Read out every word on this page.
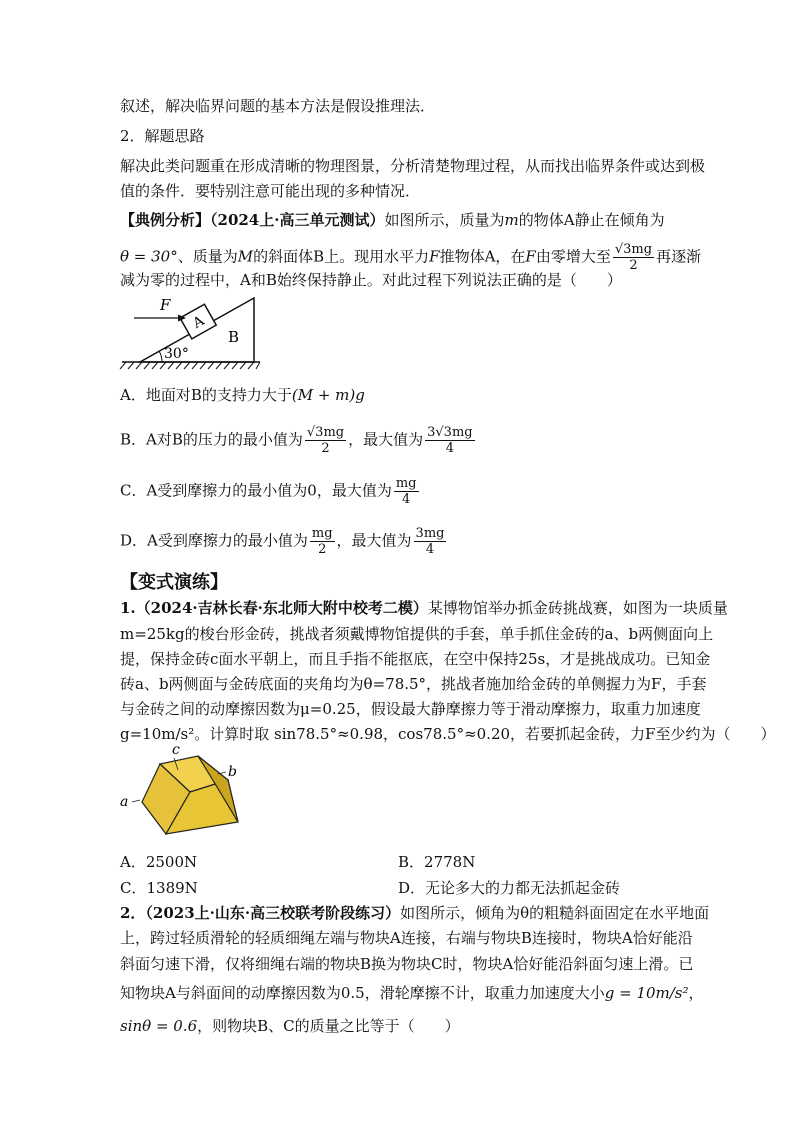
叙述，解决临界问题的基本方法是假设推理法．
2．解题思路
解决此类问题重在形成清晰的物理图景，分析清楚物理过程，从而找出临界条件或达到极
值的条件．要特别注意可能出现的多种情况．
【典例分析】（2024上·高三单元测试）如图所示，质量为m的物体A静止在倾角为
θ = 30°、质量为M的斜面体B上。现用水平力F推物体A，在F由零增大至 $\frac{√3mg}{2}$ 再逐渐
减为零的过程中，A和B始终保持静止。对此过程下列说法正确的是（　　）
30°
A
F
B
A．地面对B的支持力大于(M + m)g
B．A对B的压力的最小值为 $\frac{√3mg}{2}$ ，最大值为 $\frac{3√3mg}{4}$
C．A受到摩擦力的最小值为0，最大值为 $\frac{mg}{4}$
D．A受到摩擦力的最小值为 $\frac{mg}{2}$ ，最大值为 $\frac{3mg}{4}$
【变式演练】
1.（2024·吉林长春·东北师大附中校考二模）某博物馆举办抓金砖挑战赛，如图为一块质量
m=25kg的梭台形金砖，挑战者须戴博物馆提供的手套，单手抓住金砖的a、b两侧面向上
提，保持金砖c面水平朝上，而且手指不能抠底，在空中保持25s，才是挑战成功。已知金
砖a、b两侧面与金砖底面的夹角均为θ=78.5°，挑战者施加给金砖的单侧握力为F，手套
与金砖之间的动摩擦因数为μ=0.25，假设最大静摩擦力等于滑动摩擦力，取重力加速度
g=10m/s²。计算时取 sin78.5°≈0.98，cos78.5°≈0.20，若要抓起金砖，力F至少约为（　　）
c
b
a
A．2500N	B．2778N
C．1389N	D．无论多大的力都无法抓起金砖
2．（2023上·山东·高三校联考阶段练习）如图所示，倾角为θ的粗糙斜面固定在水平地面
上，跨过轻质滑轮的轻质细绳左端与物块A连接，右端与物块B连接时，物块A恰好能沿
斜面匀速下滑，仅将细绳右端的物块B换为物块C时，物块A恰好能沿斜面匀速上滑。已
知物块A与斜面间的动摩擦因数为0.5，滑轮摩擦不计，取重力加速度大小g = 10m/s²，
sinθ = 0.6，则物块B、C的质量之比等于（　　）
